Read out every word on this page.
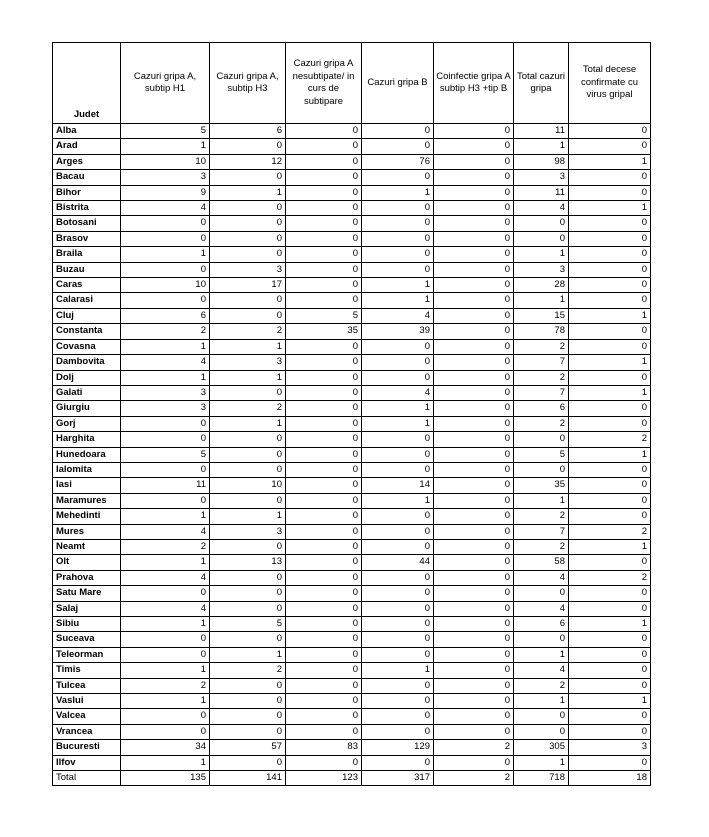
Judet	Cazuri gripa A, subtip H1	Cazuri gripa A, subtip H3	Cazuri gripa A nesubtipate/ in curs de subtipare	Cazuri gripa B	Coinfectie gripa A subtip H3 +tip B	Total cazuri gripa	Total decese confirmate cu virus gripal
Alba	5	6	0	0	0	11	0
Arad	1	0	0	0	0	1	0
Arges	10	12	0	76	0	98	1
Bacau	3	0	0	0	0	3	0
Bihor	9	1	0	1	0	11	0
Bistrita	4	0	0	0	0	4	1
Botosani	0	0	0	0	0	0	0
Brasov	0	0	0	0	0	0	0
Braila	1	0	0	0	0	1	0
Buzau	0	3	0	0	0	3	0
Caras	10	17	0	1	0	28	0
Calarasi	0	0	0	1	0	1	0
Cluj	6	0	5	4	0	15	1
Constanta	2	2	35	39	0	78	0
Covasna	1	1	0	0	0	2	0
Dambovita	4	3	0	0	0	7	1
Dolj	1	1	0	0	0	2	0
Galati	3	0	0	4	0	7	1
Giurgiu	3	2	0	1	0	6	0
Gorj	0	1	0	1	0	2	0
Harghita	0	0	0	0	0	0	2
Hunedoara	5	0	0	0	0	5	1
Ialomita	0	0	0	0	0	0	0
Iasi	11	10	0	14	0	35	0
Maramures	0	0	0	1	0	1	0
Mehedinti	1	1	0	0	0	2	0
Mures	4	3	0	0	0	7	2
Neamt	2	0	0	0	0	2	1
Olt	1	13	0	44	0	58	0
Prahova	4	0	0	0	0	4	2
Satu Mare	0	0	0	0	0	0	0
Salaj	4	0	0	0	0	4	0
Sibiu	1	5	0	0	0	6	1
Suceava	0	0	0	0	0	0	0
Teleorman	0	1	0	0	0	1	0
Timis	1	2	0	1	0	4	0
Tulcea	2	0	0	0	0	2	0
Vaslui	1	0	0	0	0	1	1
Valcea	0	0	0	0	0	0	0
Vrancea	0	0	0	0	0	0	0
Bucuresti	34	57	83	129	2	305	3
Ilfov	1	0	0	0	0	1	0
Total	135	141	123	317	2	718	18
